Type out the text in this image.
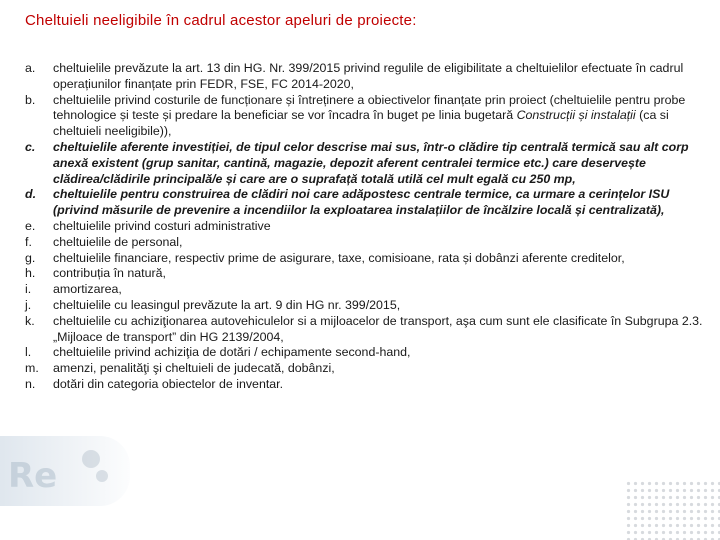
Re
Cheltuieli neeligibile în cadrul acestor apeluri de proiecte:
a.	cheltuielile prevăzute la art. 13 din HG. Nr. 399/2015 privind regulile de eligibilitate a cheltuielilor efectuate în cadrul operațiunilor finanțate prin FEDR, FSE, FC 2014-2020,
b.	cheltuielile privind costurile de funcționare și întreținere a obiectivelor finanțate prin proiect (cheltuielile pentru probe tehnologice și teste și predare la beneficiar se vor încadra în buget pe linia bugetară Construcții și instalații (ca si cheltuieli neeligibile)),
c.	cheltuielile aferente investiției, de tipul celor descrise mai sus, într-o clădire tip centrală termică sau alt corp anexă existent (grup sanitar, cantină, magazie, depozit aferent centralei termice etc.) care deservește clădirea/clădirile principală/e și care are o suprafață totală utilă cel mult egală cu 250 mp,
d.	cheltuielile pentru construirea de clădiri noi care adăpostesc centrale termice, ca urmare a cerințelor ISU (privind măsurile de prevenire a incendiilor la exploatarea instalațiilor de încălzire locală și centralizată),
e.	cheltuielile privind costuri administrative
f.	cheltuielile de personal,
g.	cheltuielile financiare, respectiv prime de asigurare, taxe, comisioane, rata și dobânzi aferente creditelor,
h.	contribuția în natură,
i.	amortizarea,
j.	cheltuielile cu leasingul prevăzute la art. 9 din HG nr. 399/2015,
k.	cheltuielile cu achiziţionarea autovehiculelor si a mijloacelor de transport, aşa cum sunt ele clasificate în Subgrupa 2.3. „Mijloace de transport” din HG 2139/2004,
l.	cheltuielile privind achiziţia de dotări / echipamente second-hand,
m.	amenzi, penalităţi şi cheltuieli de judecată, dobânzi,
n.	dotări din categoria obiectelor de inventar.
